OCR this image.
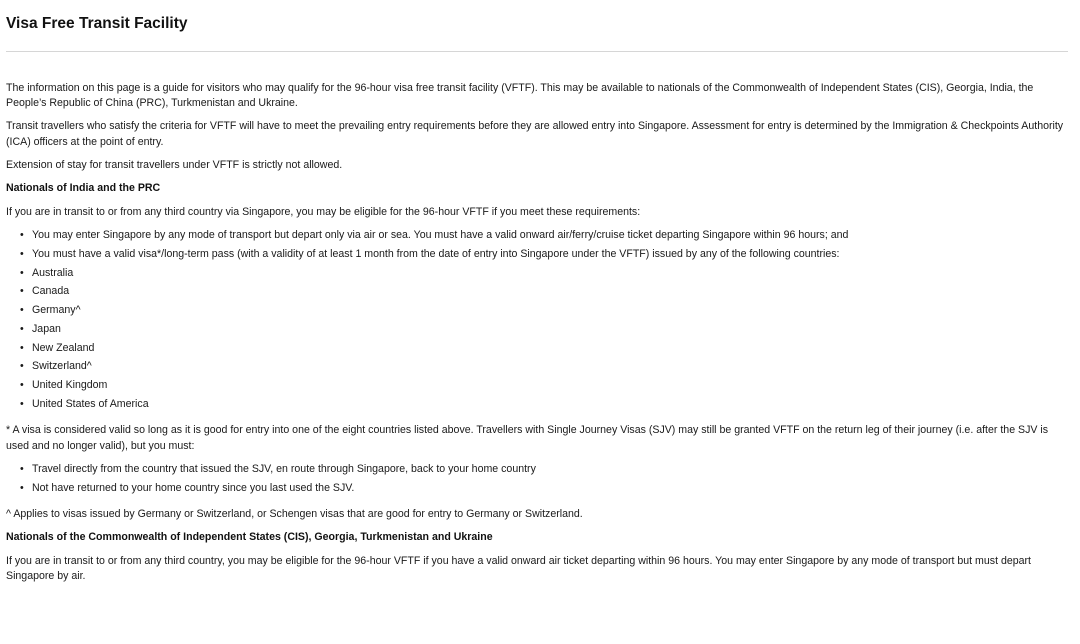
Visa Free Transit Facility

The information on this page is a guide for visitors who may qualify for the 96-hour visa free transit facility (VFTF). This may be available to nationals of the Commonwealth of Independent States (CIS), Georgia, India, the People’s Republic of China (PRC), Turkmenistan and Ukraine.

Transit travellers who satisfy the criteria for VFTF will have to meet the prevailing entry requirements before they are allowed entry into Singapore. Assessment for entry is determined by the Immigration & Checkpoints Authority (ICA) officers at the point of entry.

Extension of stay for transit travellers under VFTF is strictly not allowed.

Nationals of India and the PRC

If you are in transit to or from any third country via Singapore, you may be eligible for the 96-hour VFTF if you meet these requirements:

• You may enter Singapore by any mode of transport but depart only via air or sea. You must have a valid onward air/ferry/cruise ticket departing Singapore within 96 hours; and
• You must have a valid visa*/long-term pass (with a validity of at least 1 month from the date of entry into Singapore under the VFTF) issued by any of the following countries:
• Australia
• Canada
• Germany^
• Japan
• New Zealand
• Switzerland^
• United Kingdom
• United States of America

* A visa is considered valid so long as it is good for entry into one of the eight countries listed above. Travellers with Single Journey Visas (SJV) may still be granted VFTF on the return leg of their journey (i.e. after the SJV is used and no longer valid), but you must:

• Travel directly from the country that issued the SJV, en route through Singapore, back to your home country
• Not have returned to your home country since you last used the SJV.

^ Applies to visas issued by Germany or Switzerland, or Schengen visas that are good for entry to Germany or Switzerland.

Nationals of the Commonwealth of Independent States (CIS), Georgia, Turkmenistan and Ukraine

If you are in transit to or from any third country, you may be eligible for the 96-hour VFTF if you have a valid onward air ticket departing within 96 hours. You may enter Singapore by any mode of transport but must depart Singapore by air.
